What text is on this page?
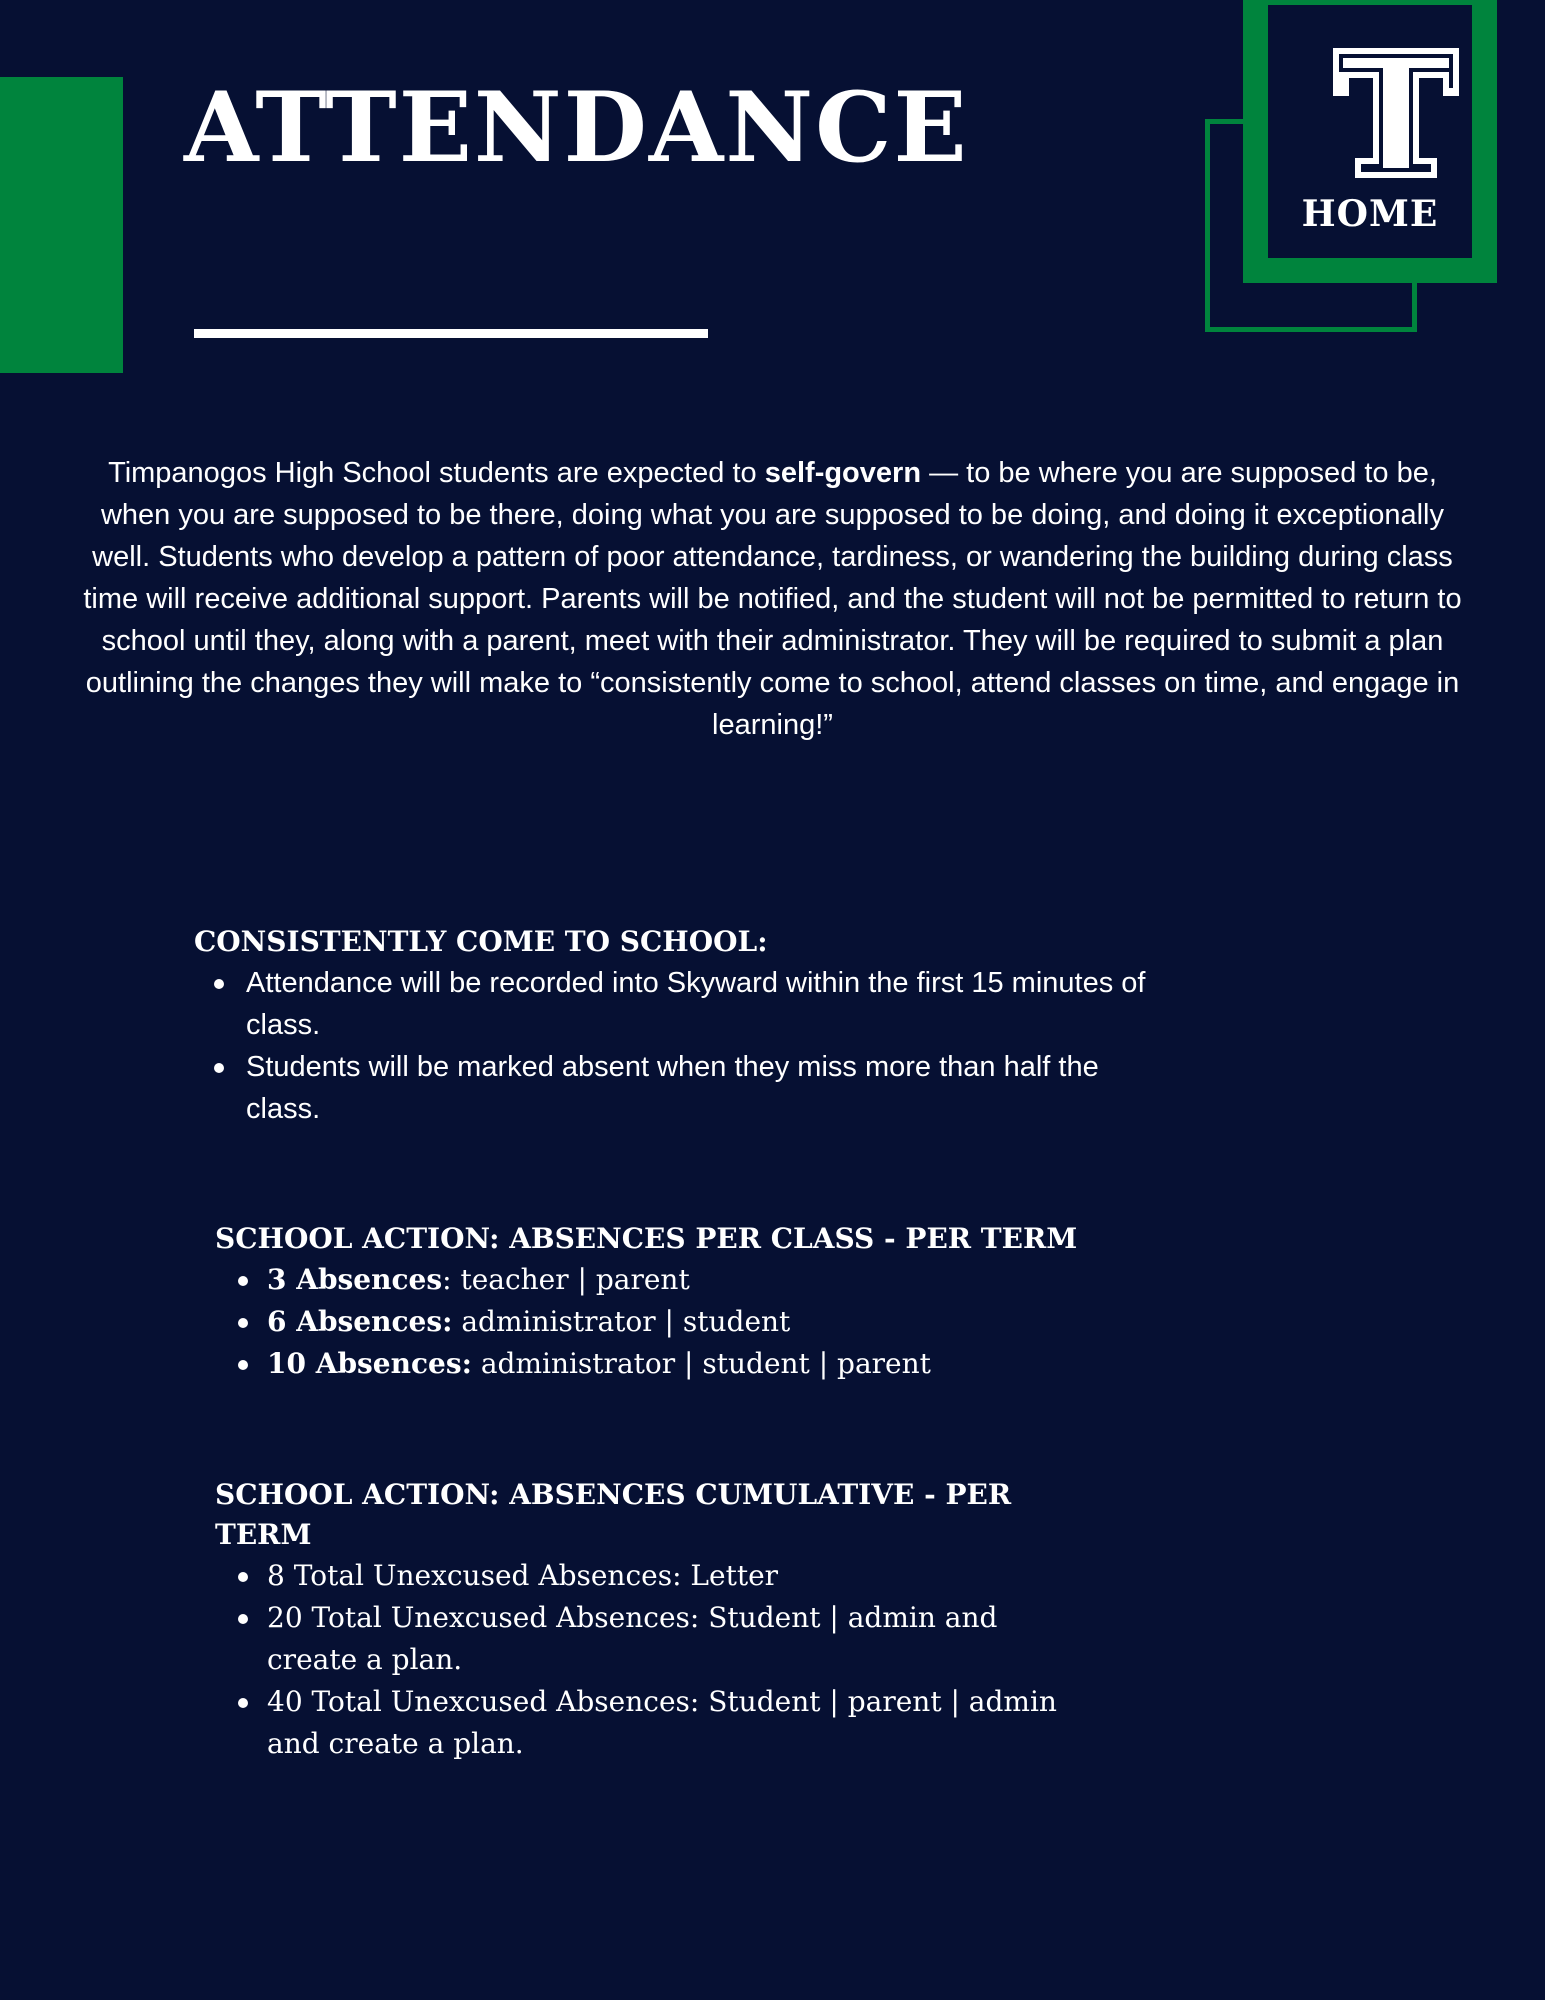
ATTENDANCE
HOME

Timpanogos High School students are expected to self-govern — to be where you are supposed to be, when you are supposed to be there, doing what you are supposed to be doing, and doing it exceptionally well. Students who develop a pattern of poor attendance, tardiness, or wandering the building during class time will receive additional support. Parents will be notified, and the student will not be permitted to return to school until they, along with a parent, meet with their administrator. They will be required to submit a plan outlining the changes they will make to “consistently come to school, attend classes on time, and engage in learning!”

CONSISTENTLY COME TO SCHOOL:
Attendance will be recorded into Skyward within the first 15 minutes of class.
Students will be marked absent when they miss more than half the class.
SCHOOL ACTION: ABSENCES PER CLASS - PER TERM
3 Absences: teacher | parent
6 Absences: administrator | student
10 Absences: administrator | student | parent
SCHOOL ACTION: ABSENCES CUMULATIVE - PER TERM
8 Total Unexcused Absences: Letter
20 Total Unexcused Absences: Student | admin and create a plan.
40 Total Unexcused Absences: Student | parent | admin and create a plan.
